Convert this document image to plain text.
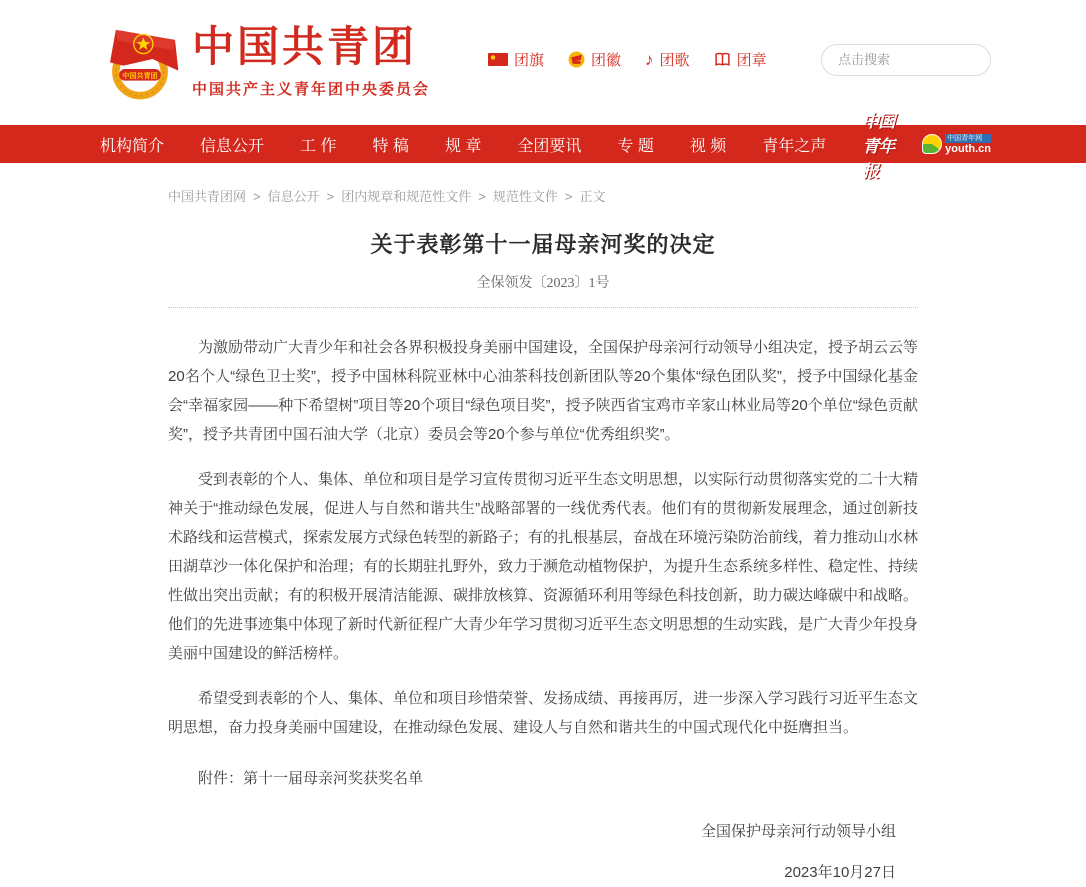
中国共青团
中国共青团
中国共产主义青年团中央委员会
团旗	团徽 ♪ 团歌	团章
点击搜索
机构简介 信息公开 工 作 特 稿 规 章 全团要讯 专 题 视 频 青年之声
中国青年报
中国青年网
youth.cn
中国共青团网 > 信息公开 > 团内规章和规范性文件 > 规范性文件 > 正文
关于表彰第十一届母亲河奖的决定
全保领发〔2023〕1号

为激励带动广大青少年和社会各界积极投身美丽中国建设，全国保护母亲河行动领导小组决定，授予胡云云等20名个人“绿色卫士奖”，授予中国林科院亚林中心油茶科技创新团队等20个集体“绿色团队奖”，授予中国绿化基金会“幸福家园——种下希望树”项目等20个项目“绿色项目奖”，授予陕西省宝鸡市辛家山林业局等20个单位“绿色贡献奖”，授予共青团中国石油大学（北京）委员会等20个参与单位“优秀组织奖”。

受到表彰的个人、集体、单位和项目是学习宣传贯彻习近平生态文明思想，以实际行动贯彻落实党的二十大精神关于“推动绿色发展，促进人与自然和谐共生”战略部署的一线优秀代表。他们有的贯彻新发展理念，通过创新技术路线和运营模式，探索发展方式绿色转型的新路子；有的扎根基层，奋战在环境污染防治前线，着力推动山水林田湖草沙一体化保护和治理；有的长期驻扎野外，致力于濒危动植物保护，为提升生态系统多样性、稳定性、持续性做出突出贡献；有的积极开展清洁能源、碳排放核算、资源循环利用等绿色科技创新，助力碳达峰碳中和战略。他们的先进事迹集中体现了新时代新征程广大青少年学习贯彻习近平生态文明思想的生动实践，是广大青少年投身美丽中国建设的鲜活榜样。

希望受到表彰的个人、集体、单位和项目珍惜荣誉、发扬成绩、再接再厉，进一步深入学习践行习近平生态文明思想，奋力投身美丽中国建设，在推动绿色发展、建设人与自然和谐共生的中国式现代化中挺膺担当。

附件：第十一届母亲河奖获奖名单

全国保护母亲河行动领导小组
2023年10月27日
